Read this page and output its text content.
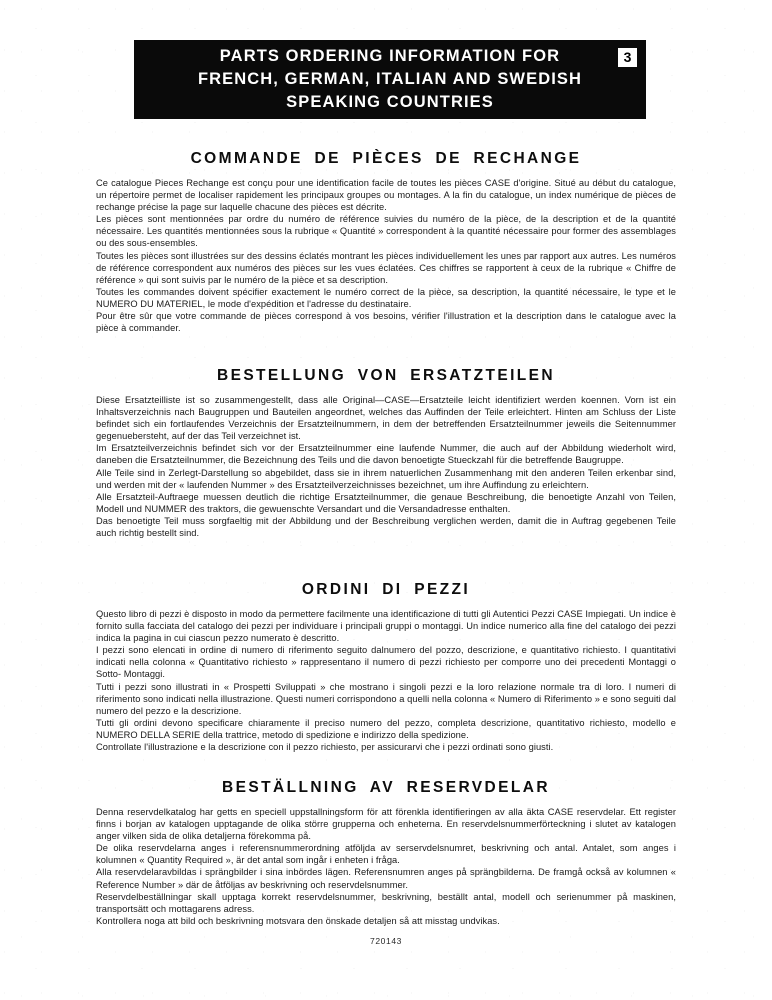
PARTS ORDERING INFORMATION FOR
FRENCH, GERMAN, ITALIAN AND SWEDISH
SPEAKING COUNTRIES
3
COMMANDE DE PIÈCES DE RECHANGE

Ce catalogue Pieces Rechange est conçu pour une identification facile de toutes les pièces CASE d'origine. Situé au début du catalogue, un répertoire permet de localiser rapidement les principaux groupes ou montages. A la fin du catalogue, un index numérique de pièces de rechange précise la page sur laquelle chacune des pièces est décrite.

Les pièces sont mentionnées par ordre du numéro de référence suivies du numéro de la pièce, de la description et de la quantité nécessaire. Les quantités mentionnées sous la rubrique « Quantité » correspondent à la quantité nécessaire pour former des assemblages ou des sous-ensembles.

Toutes les pièces sont illustrées sur des dessins éclatés montrant les pièces individuellement les unes par rapport aux autres. Les numéros de référence correspondent aux numéros des pièces sur les vues éclatées. Ces chiffres se rapportent à ceux de la rubrique « Chiffre de référence » qui sont suivis par le numéro de la pièce et sa description.

Toutes les commandes doivent spécifier exactement le numéro correct de la pièce, sa description, la quantité nécessaire, le type et le NUMERO DU MATERIEL, le mode d'expédition et l'adresse du destinataire.

Pour être sûr que votre commande de pièces correspond à vos besoins, vérifier l'illustration et la description dans le catalogue avec la pièce à commander.

BESTELLUNG VON ERSATZTEILEN

Diese Ersatzteilliste ist so zusammengestellt, dass alle Original—CASE—Ersatzteile leicht identifiziert werden koennen. Vorn ist ein Inhaltsverzeichnis nach Baugruppen und Bauteilen angeordnet, welches das Auffinden der Teile erleichtert. Hinten am Schluss der Liste befindet sich ein fortlaufendes Verzeichnis der Ersatzteilnummern, in dem der betreffenden Ersatzteilnummer jeweils die Seitennummer gegenuebersteht, auf der das Teil verzeichnet ist.

Im Ersatzteilverzeichnis befindet sich vor der Ersatzteilnummer eine laufende Nummer, die auch auf der Abbildung wiederholt wird, daneben die Ersatzteilnummer, die Bezeichnung des Teils und die davon benoetigte Stueckzahl für die betreffende Baugruppe.

Alle Teile sind in Zerlegt-Darstellung so abgebildet, dass sie in ihrem natuerlichen Zusammenhang mit den anderen Teilen erkenbar sind, und werden mit der « laufenden Nummer » des Ersatzteilverzeichnisses bezeichnet, um ihre Auffindung zu erleichtern.

Alle Ersatzteil-Auftraege muessen deutlich die richtige Ersatzteilnummer, die genaue Beschreibung, die benoetigte Anzahl von Teilen, Modell und NUMMER des traktors, die gewuenschte Versandart und die Versandadresse enthalten.

Das benoetigte Teil muss sorgfaeltig mit der Abbildung und der Beschreibung verglichen werden, damit die in Auftrag gegebenen Teile auch richtig bestellt sind.

ORDINI DI PEZZI

Questo libro di pezzi è disposto in modo da permettere facilmente una identificazione di tutti gli Autentici Pezzi CASE Impiegati. Un indice è fornito sulla facciata del catalogo dei pezzi per individuare i principali gruppi o montaggi. Un indice numerico alla fine del catalogo dei pezzi indica la pagina in cui ciascun pezzo numerato è descritto.

I pezzi sono elencati in ordine di numero di riferimento seguito dalnumero del pozzo, descrizione, e quantitativo richiesto. I quantitativi indicati nella colonna « Quantitativo richiesto » rappresentano il numero di pezzi richiesto per comporre uno dei precedenti Montaggi o Sotto- Montaggi.

Tutti i pezzi sono illustrati in « Prospetti Sviluppati » che mostrano i singoli pezzi e la loro relazione normale tra di loro. I numeri di riferimento sono indicati nella illustrazione. Questi numeri corrispondono a quelli nella colonna « Numero di Riferimento » e sono seguiti dal numero del pezzo e la descrizione.

Tutti gli ordini devono specificare chiaramente il preciso numero del pezzo, completa descrizione, quantitativo richiesto, modello e NUMERO DELLA SERIE della trattrice, metodo di spedizione e indirizzo della spedizione.

Controllate l'illustrazione e la descrizione con il pezzo richiesto, per assicurarvi che i pezzi ordinati sono giusti.

BESTÄLLNING AV RESERVDELAR

Denna reservdelkatalog har getts en speciell uppstallningsform för att förenkla identifieringen av alla äkta CASE reservdelar. Ett register finns i borjan av katalogen upptagande de olika större grupperna och enheterna. En reservdelsnummerförteckning i slutet av katalogen anger vilken sida de olika detaljerna förekomma på.

De olika reservdelarna anges i referensnummerordning atföljda av serservdelsnumret, beskrivning och antal. Antalet, som anges i kolumnen « Quantity Required », är det antal som ingår i enheten i fråga.

Alla reservdelaravbildas i sprängbilder i sina inbördes lägen. Referensnumren anges på sprängbilderna. De framgå också av kolumnen « Reference Number » där de åtföljas av beskrivning och reservdelsnummer.

Reservdelbeställningar skall upptaga korrekt reservdelsnummer, beskrivning, beställt antal, modell och serienummer på maskinen, transportsätt och mottagarens adress.

Kontrollera noga att bild och beskrivning motsvara den önskade detaljen så att misstag undvikas.

720143
